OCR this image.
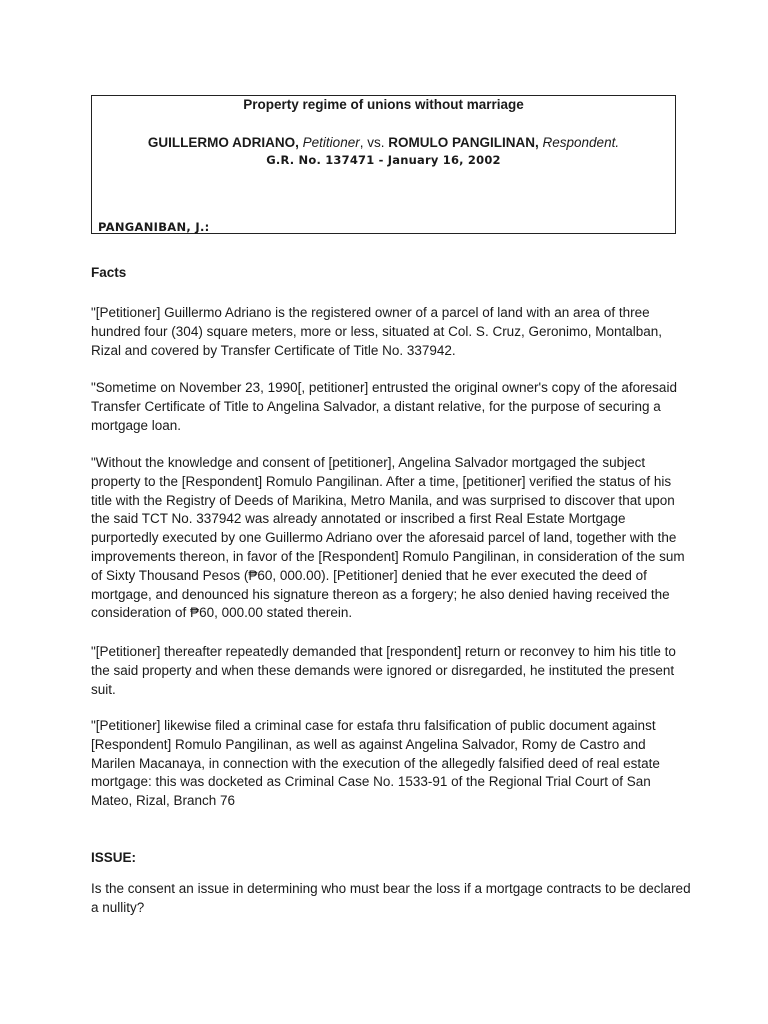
Property regime of unions without marriage
GUILLERMO ADRIANO, Petitioner, vs. ROMULO PANGILINAN, Respondent.
G.R. No. 137471 - January 16, 2002
PANGANIBAN, J.:
Facts

"[Petitioner] Guillermo Adriano is the registered owner of a parcel of land with an area of three hundred four (304) square meters, more or less, situated at Col. S. Cruz, Geronimo, Montalban, Rizal and covered by Transfer Certificate of Title No. 337942.

"Sometime on November 23, 1990[, petitioner] entrusted the original owner's copy of the aforesaid Transfer Certificate of Title to Angelina Salvador, a distant relative, for the purpose of securing a mortgage loan.

"Without the knowledge and consent of [petitioner], Angelina Salvador mortgaged the subject property to the [Respondent] Romulo Pangilinan. After a time, [petitioner] verified the status of his title with the Registry of Deeds of Marikina, Metro Manila, and was surprised to discover that upon the said TCT No. 337942 was already annotated or inscribed a first Real Estate Mortgage purportedly executed by one Guillermo Adriano over the aforesaid parcel of land, together with the improvements thereon, in favor of the [Respondent] Romulo Pangilinan, in consideration of the sum of Sixty Thousand Pesos (₱60, 000.00). [Petitioner] denied that he ever executed the deed of mortgage, and denounced his signature thereon as a forgery; he also denied having received the consideration of ₱60, 000.00 stated therein.

"[Petitioner] thereafter repeatedly demanded that [respondent] return or reconvey to him his title to the said property and when these demands were ignored or disregarded, he instituted the present suit.

"[Petitioner] likewise filed a criminal case for estafa thru falsification of public document against [Respondent] Romulo Pangilinan, as well as against Angelina Salvador, Romy de Castro and Marilen Macanaya, in connection with the execution of the allegedly falsified deed of real estate mortgage: this was docketed as Criminal Case No. 1533-91 of the Regional Trial Court of San Mateo, Rizal, Branch 76

ISSUE:

Is the consent an issue in determining who must bear the loss if a mortgage contracts to be declared a nullity?
